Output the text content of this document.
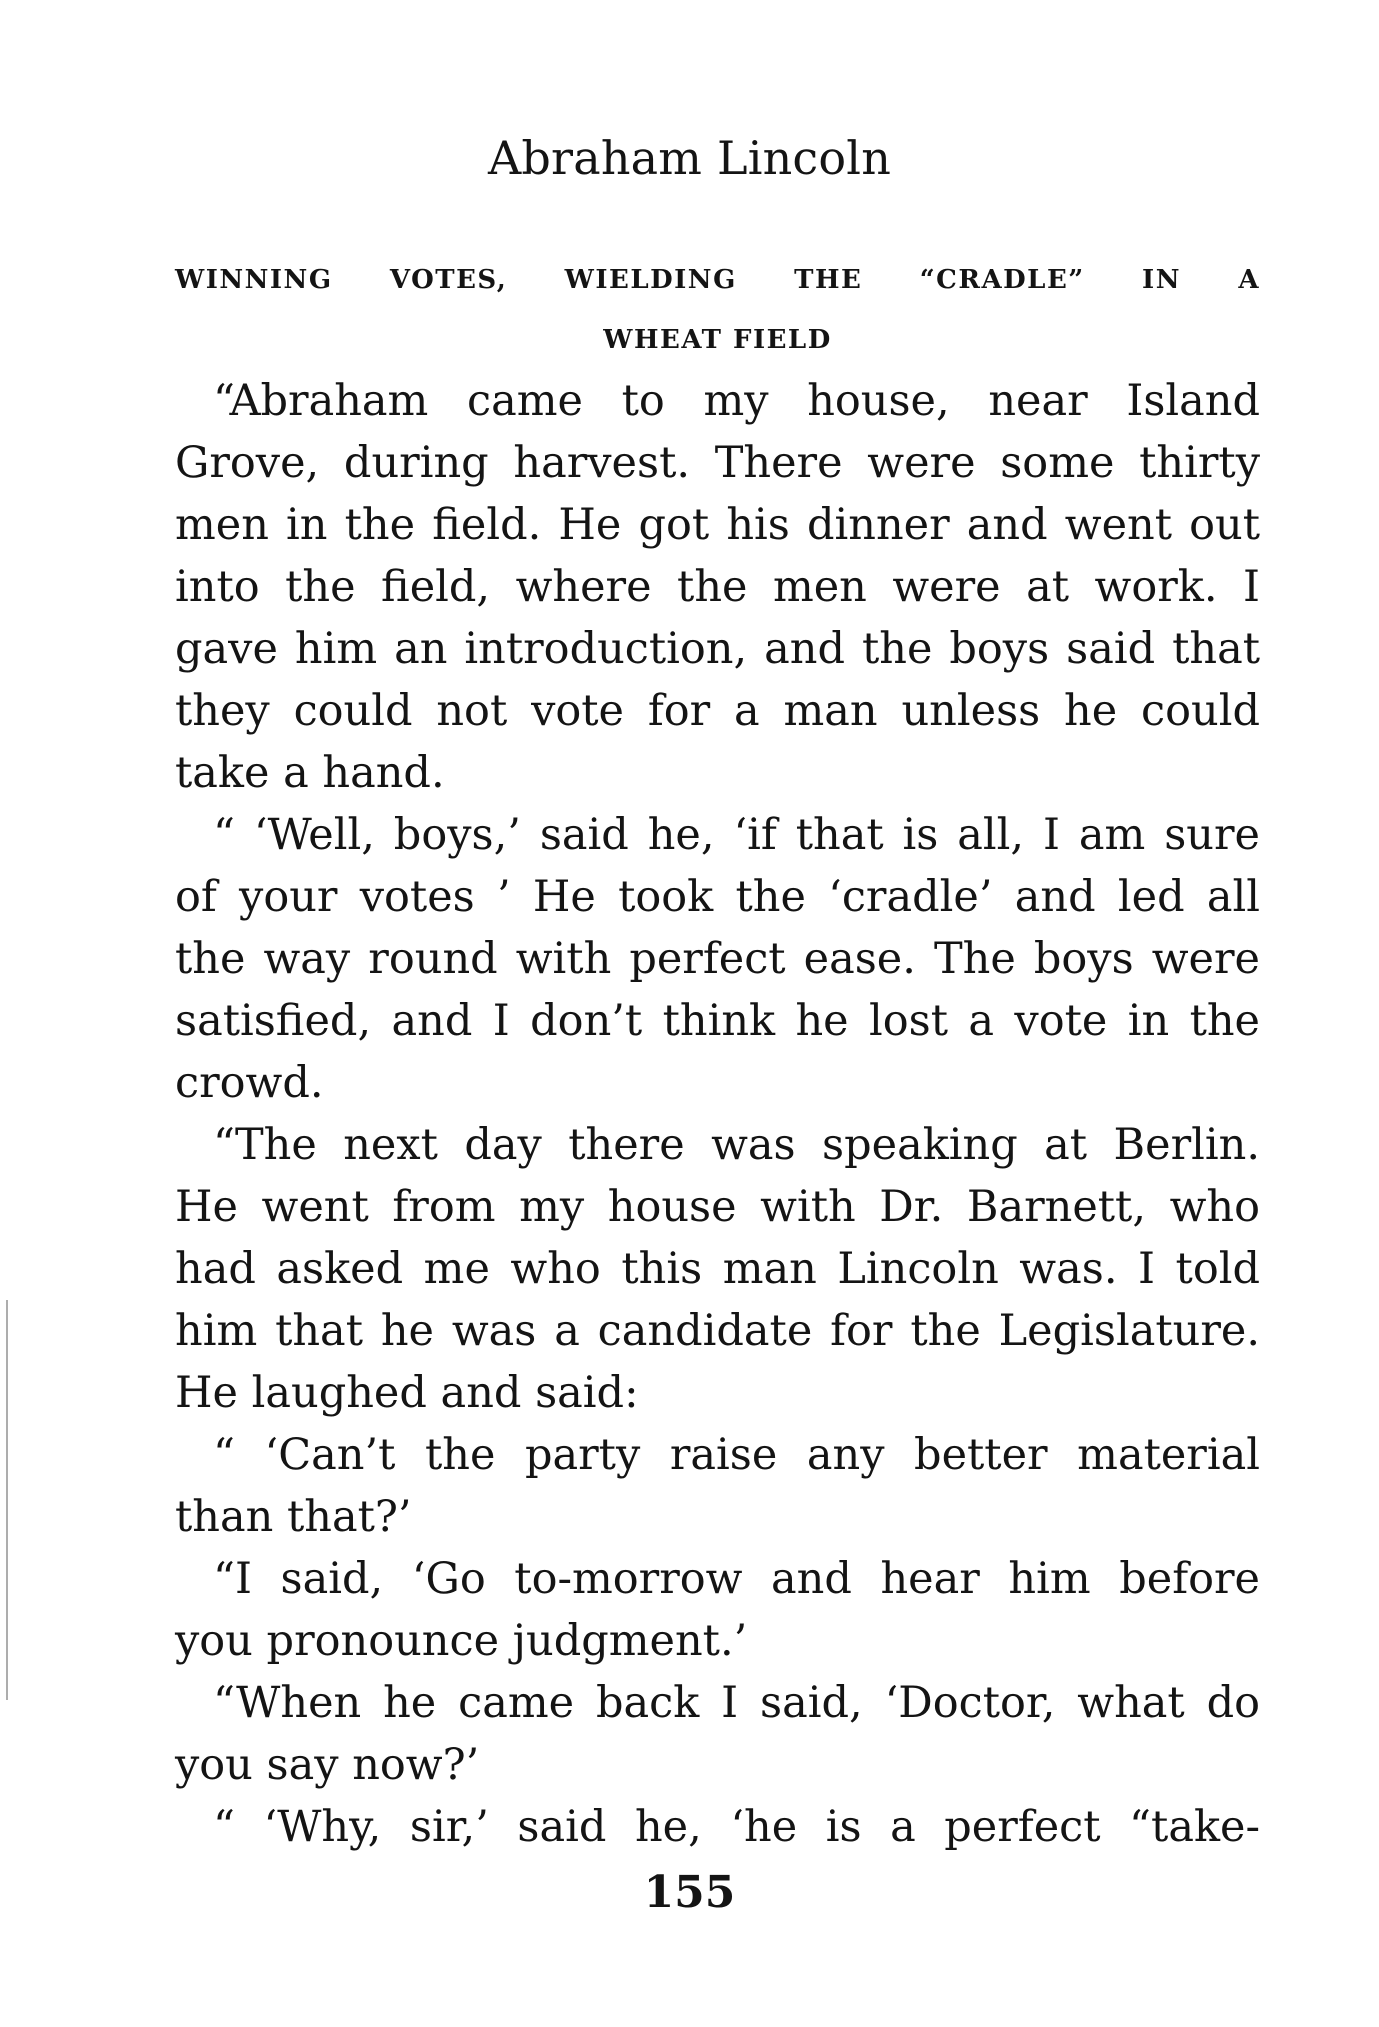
Abraham Lincoln
WINNING VOTES, WIELDING THE “CRADLE” IN A
WHEAT FIELD
“Abraham came to my house, near Island
Grove, during harvest. There were some thirty
men in the field. He got his dinner and went out
into the field, where the men were at work. I
gave him an introduction, and the boys said that
they could not vote for a man unless he could
take a hand.
“ ‘Well, boys,’ said he, ‘if that is all, I am sure
of your votes ’ He took the ‘cradle’ and led all
the way round with perfect ease. The boys were
satisfied, and I don’t think he lost a vote in the
crowd.
“The next day there was speaking at Berlin.
He went from my house with Dr. Barnett, who
had asked me who this man Lincoln was. I told
him that he was a candidate for the Legislature.
He laughed and said:
“ ‘Can’t the party raise any better material
than that?’
“I said, ‘Go to-morrow and hear him before
you pronounce judgment.’
“When he came back I said, ‘Doctor, what do
you say now?’
“ ‘Why, sir,’ said he, ‘he is a perfect “take-
155
